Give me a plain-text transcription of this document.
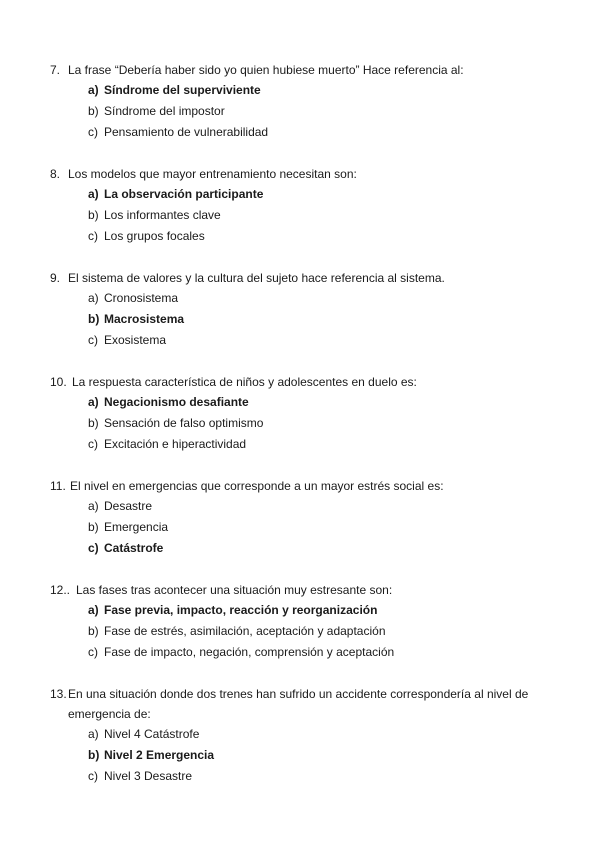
7. La frase “Debería haber sido yo quien hubiese muerto” Hace referencia al:
a) Síndrome del superviviente
b) Síndrome del impostor
c) Pensamiento de vulnerabilidad
8. Los modelos que mayor entrenamiento necesitan son:
a) La observación participante
b) Los informantes clave
c) Los grupos focales
9. El sistema de valores y la cultura del sujeto hace referencia al sistema.
a) Cronosistema
b) Macrosistema
c) Exosistema
10. La respuesta característica de niños y adolescentes en duelo es:
a) Negacionismo desafiante
b) Sensación de falso optimismo
c) Excitación e hiperactividad
11. El nivel en emergencias que corresponde a un mayor estrés social es:
a) Desastre
b) Emergencia
c) Catástrofe
12.. Las fases tras acontecer una situación muy estresante son:
a) Fase previa, impacto, reacción y reorganización
b) Fase de estrés, asimilación, aceptación y adaptación
c) Fase de impacto, negación, comprensión y aceptación
13.En una situación donde dos trenes han sufrido un accidente correspondería al nivel de
emergencia de:
a) Nivel 4 Catástrofe
b) Nivel 2 Emergencia
c) Nivel 3 Desastre
